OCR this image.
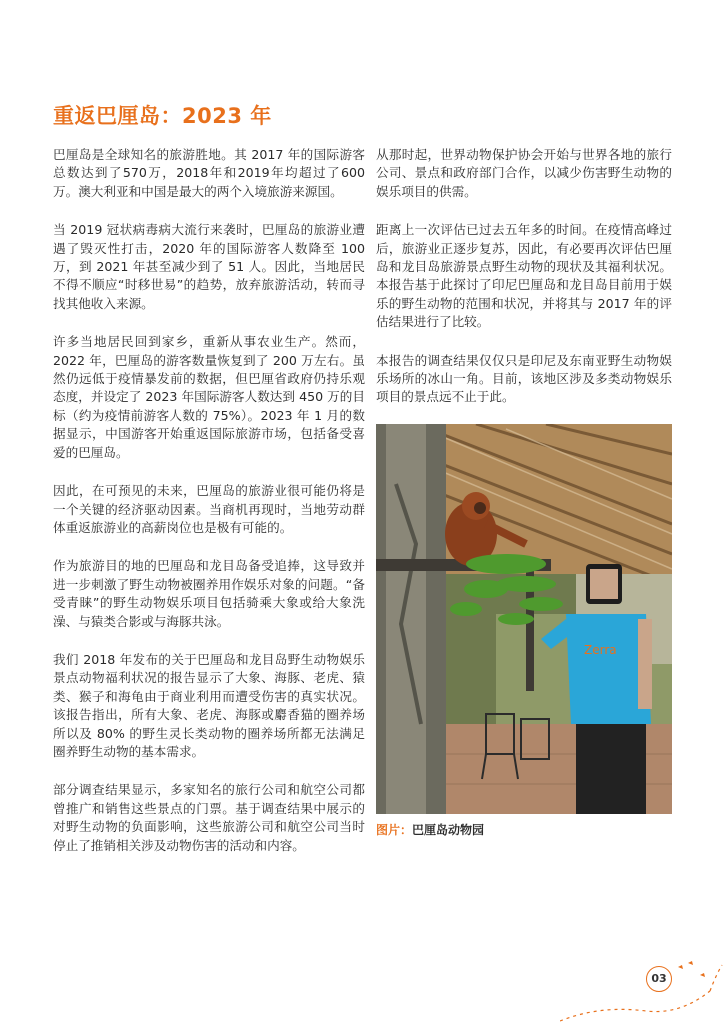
重返巴厘岛：2023 年

巴厘岛是全球知名的旅游胜地。其 2017 年的国际游客总数达到了570万，2018年和2019年均超过了600万。澳大利亚和中国是最大的两个入境旅游来源国。

当 2019 冠状病毒病大流行来袭时，巴厘岛的旅游业遭遇了毁灭性打击，2020 年的国际游客人数降至 100 万，到 2021 年甚至减少到了 51 人。因此，当地居民不得不顺应“时移世易”的趋势，放弃旅游活动，转而寻找其他收入来源。

许多当地居民回到家乡，重新从事农业生产。然而，2022 年，巴厘岛的游客数量恢复到了 200 万左右。虽然仍远低于疫情暴发前的数据，但巴厘省政府仍持乐观态度，并设定了 2023 年国际游客人数达到 450 万的目标（约为疫情前游客人数的 75%）。2023 年 1 月的数据显示，中国游客开始重返国际旅游市场，包括备受喜爱的巴厘岛。

因此，在可预见的未来，巴厘岛的旅游业很可能仍将是一个关键的经济驱动因素。当商机再现时，当地劳动群体重返旅游业的高薪岗位也是极有可能的。

作为旅游目的地的巴厘岛和龙目岛备受追捧，这导致并进一步刺激了野生动物被圈养用作娱乐对象的问题。“备受青睐”的野生动物娱乐项目包括骑乘大象或给大象洗澡、与猿类合影或与海豚共泳。

我们 2018 年发布的关于巴厘岛和龙目岛野生动物娱乐景点动物福利状况的报告显示了大象、海豚、老虎、猿类、猴子和海龟由于商业利用而遭受伤害的真实状况。该报告指出，所有大象、老虎、海豚或麝香猫的圈养场所以及 80% 的野生灵长类动物的圈养场所都无法满足圈养野生动物的基本需求。

部分调查结果显示，多家知名的旅行公司和航空公司都曾推广和销售这些景点的门票。基于调查结果中展示的对野生动物的负面影响，这些旅游公司和航空公司当时停止了推销相关涉及动物伤害的活动和内容。

从那时起，世界动物保护协会开始与世界各地的旅行公司、景点和政府部门合作，以减少伤害野生动物的娱乐项目的供需。

距离上一次评估已过去五年多的时间。在疫情高峰过后，旅游业正逐步复苏，因此，有必要再次评估巴厘岛和龙目岛旅游景点野生动物的现状及其福利状况。本报告基于此探讨了印尼巴厘岛和龙目岛目前用于娱乐的野生动物的范围和状况，并将其与 2017 年的评估结果进行了比较。

本报告的调查结果仅仅只是印尼及东南亚野生动物娱乐场所的冰山一角。目前，该地区涉及多类动物娱乐项目的景点远不止于此。

Zerra
图片：巴厘岛动物园
03
